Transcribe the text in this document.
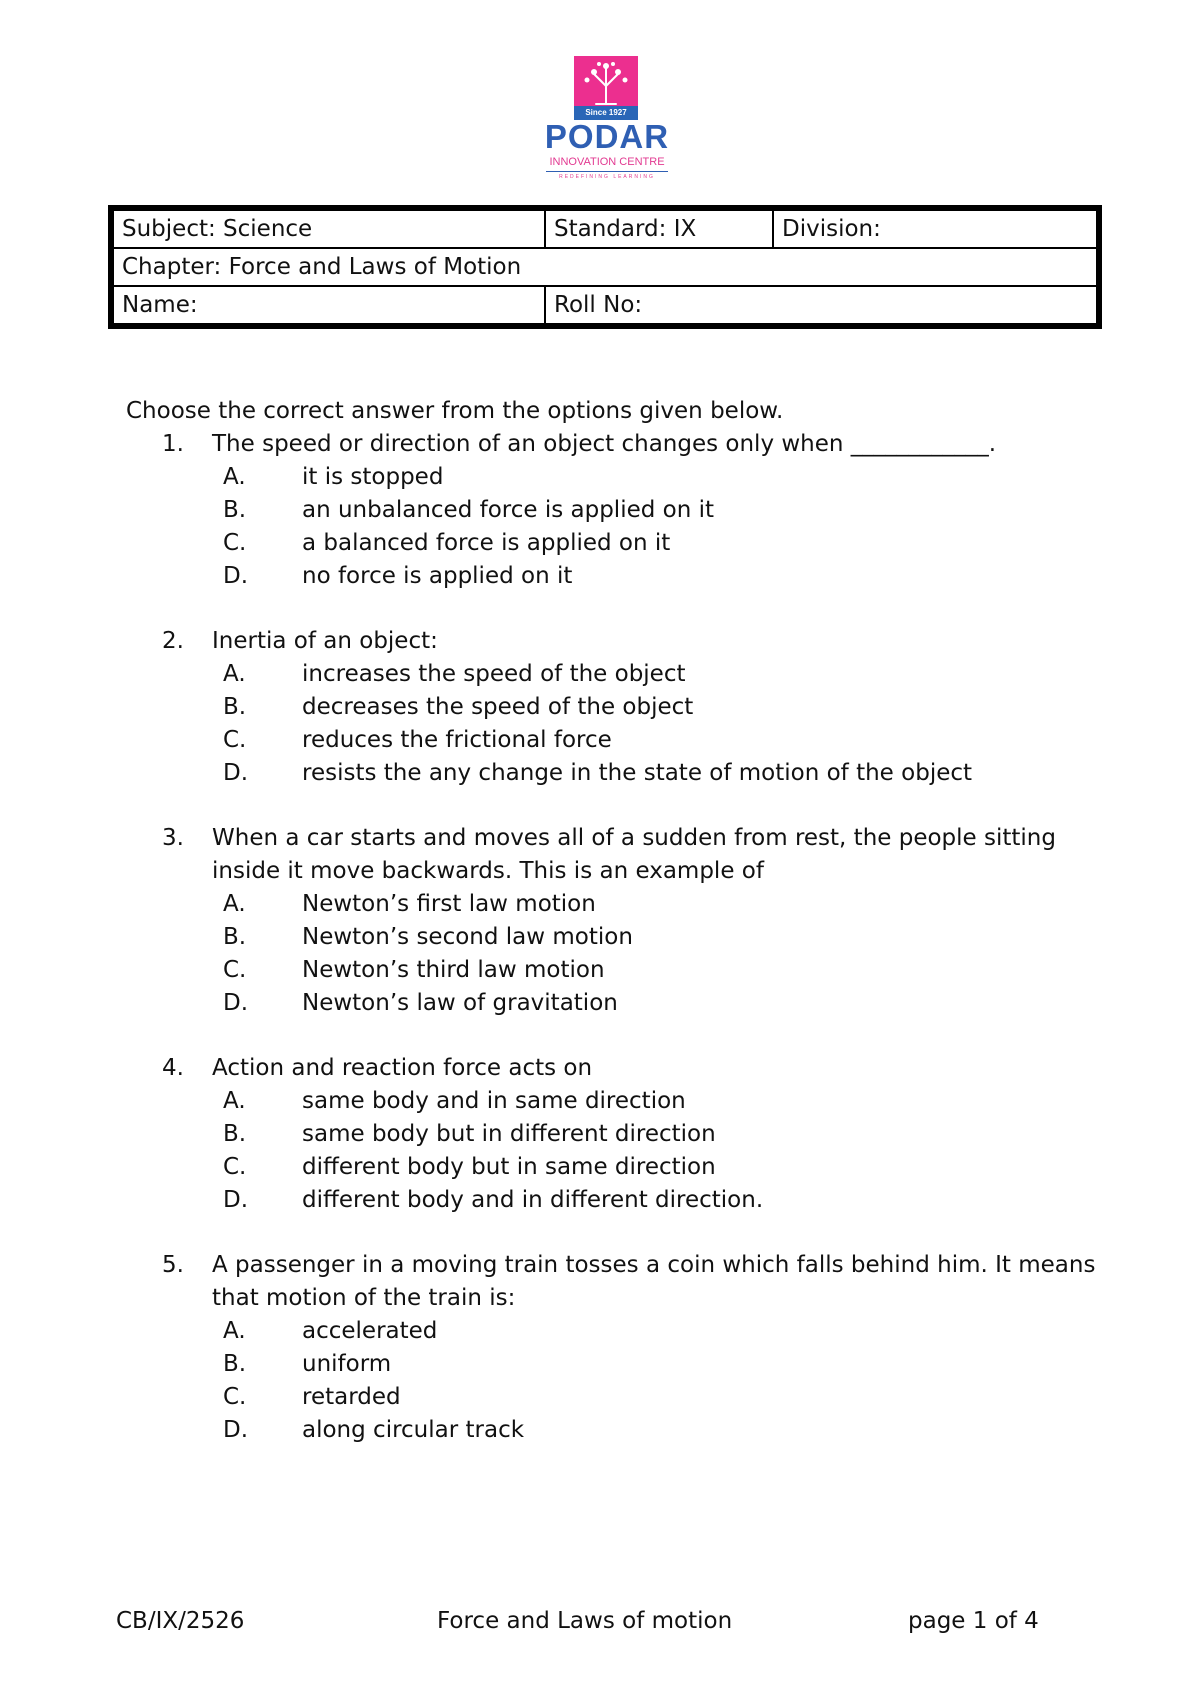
Since 1927
PODAR
INNOVATION CENTRE
REDEFINING LEARNING
Subject: Science	Standard: IX	Division:
Chapter: Force and Laws of Motion		
Name:	Roll No:	
Choose the correct answer from the options given below.
1.	The speed or direction of an object changes only when ____________.
A.	it is stopped
B.	an unbalanced force is applied on it
C.	a balanced force is applied on it
D.	no force is applied on it
2.	Inertia of an object:
A.	increases the speed of the object
B.	decreases the speed of the object
C.	reduces the frictional force
D.	resists the any change in the state of motion of the object
3.	When a car starts and moves all of a sudden from rest, the people sitting inside it move backwards. This is an example of
A.	Newton’s first law motion
B.	Newton’s second law motion
C.	Newton’s third law motion
D.	Newton’s law of gravitation
4.	Action and reaction force acts on
A.	same body and in same direction
B.	same body but in different direction
C.	different body but in same direction
D.	different body and in different direction.
5.	A passenger in a moving train tosses a coin which falls behind him. It means that motion of the train is:
A.	accelerated
B.	uniform
C.	retarded
D.	along circular track
CB/IX/2526	Force and Laws of motion	page 1 of 4
